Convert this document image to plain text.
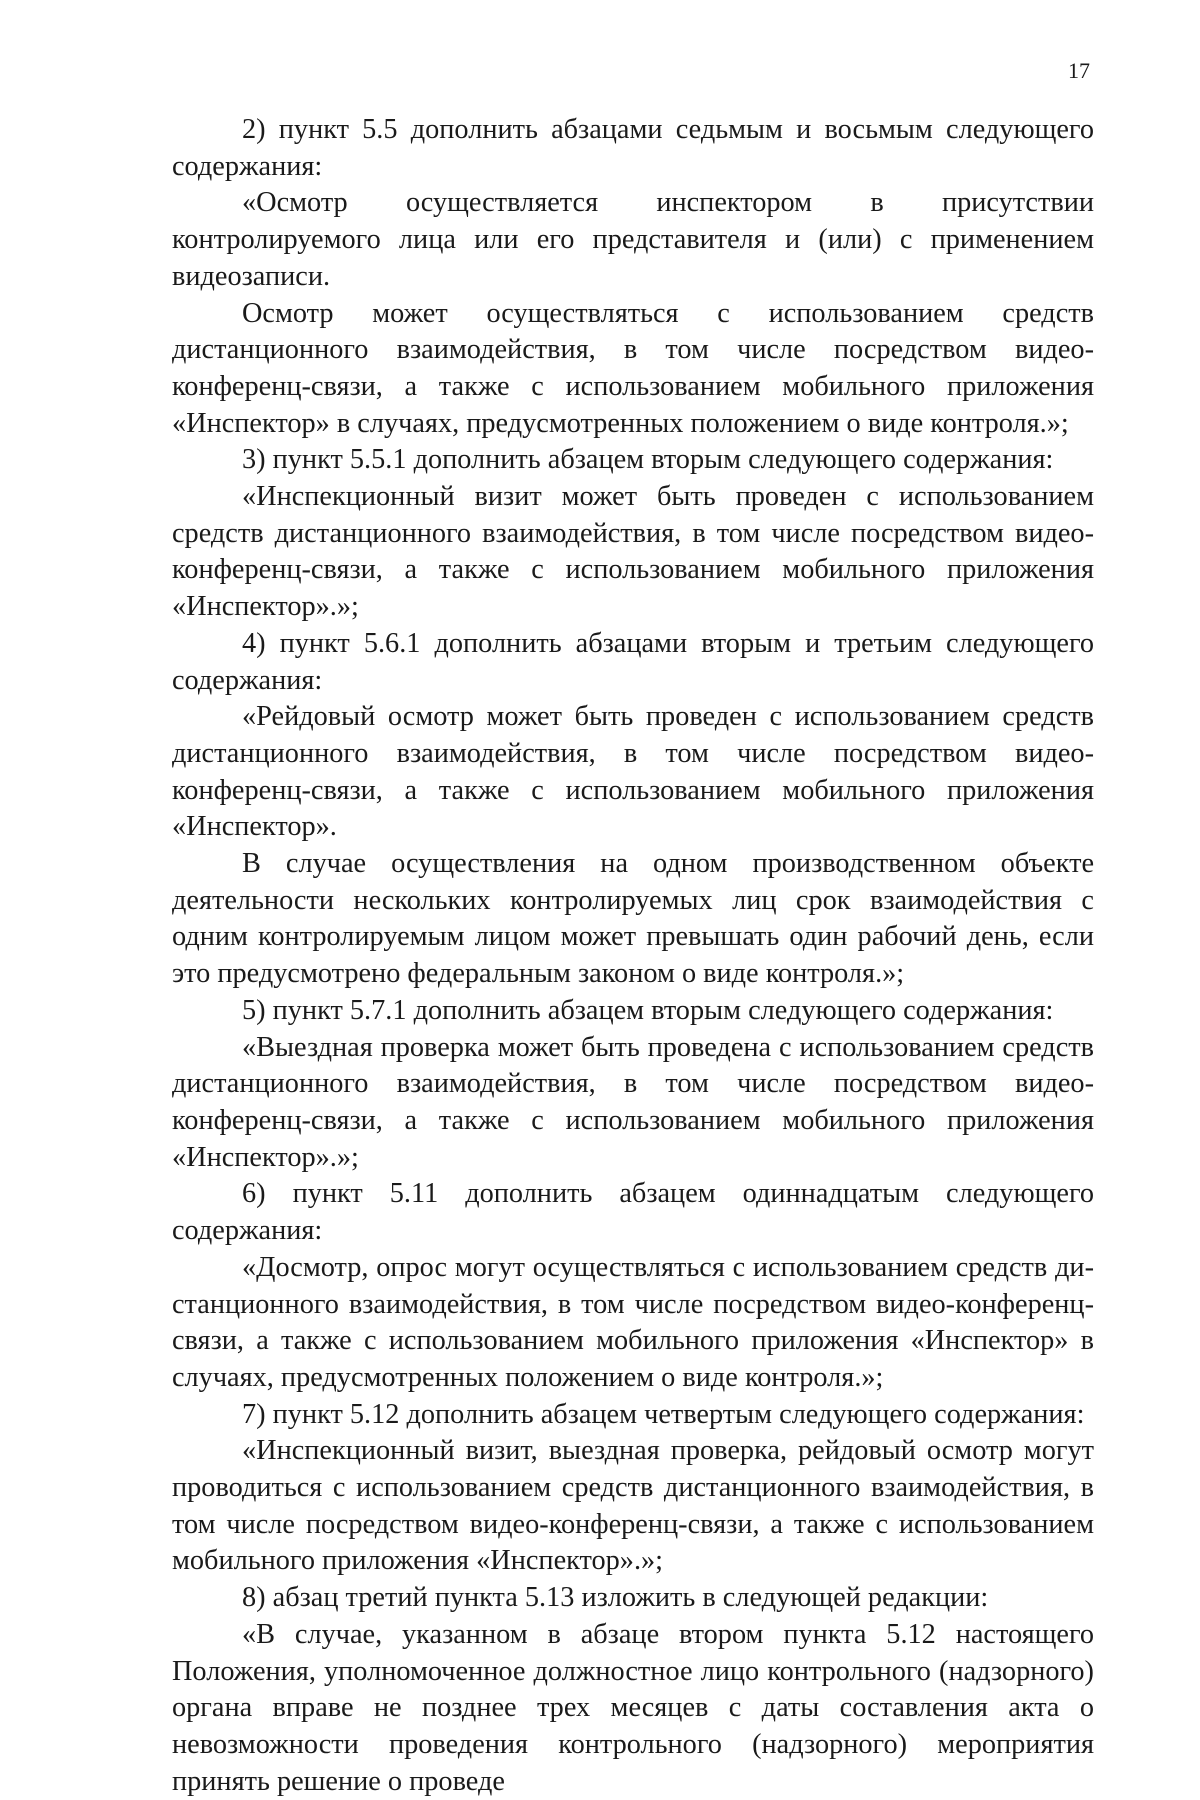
17

2) пункт 5.5 дополнить абзацами седьмым и восьмым следующего содержания:

«Осмотр осуществляется инспектором в присутствии контролируемого лица или его представителя и (или) с применением видеозаписи.

Осмотр может осуществляться с использованием средств дистанционного взаимодействия, в том числе посредством видео-конференц-связи, а также с использованием мобильного приложения «Инспектор» в случаях, предусмотренных положением о виде контроля.»;

3) пункт 5.5.1 дополнить абзацем вторым следующего содержания:

«Инспекционный визит может быть проведен с использованием средств дистанционного взаимодействия, в том числе посредством видео-конференц-связи, а также с использованием мобильного приложения «Инспектор».»;

4) пункт 5.6.1 дополнить абзацами вторым и третьим следующего содержания:

«Рейдовый осмотр может быть проведен с использованием средств дистанционного взаимодействия, в том числе посредством видео-конференц-связи, а также с использованием мобильного приложения «Инспектор».

В случае осуществления на одном производственном объекте деятельности нескольких контролируемых лиц срок взаимодействия с одним контролируемым лицом может превышать один рабочий день, если это предусмотрено федеральным законом о виде контроля.»;

5) пункт 5.7.1 дополнить абзацем вторым следующего содержания:

«Выездная проверка может быть проведена с использованием средств дистанционного взаимодействия, в том числе посредством видео-конференц-связи, а также с использованием мобильного приложения «Инспектор».»;

6) пункт 5.11 дополнить абзацем одиннадцатым следующего содержания:

«Досмотр, опрос могут осуществляться с использованием средств дистанционного взаимодействия, в том числе посредством видео-конференц-связи, а также с использованием мобильного приложения «Инспектор» в случаях, предусмотренных положением о виде контроля.»;

7) пункт 5.12 дополнить абзацем четвертым следующего содержания:

«Инспекционный визит, выездная проверка, рейдовый осмотр могут проводиться с использованием средств дистанционного взаимодействия, в том числе посредством видео-конференц-связи, а также с использованием мобильного приложения «Инспектор».»;

8) абзац третий пункта 5.13 изложить в следующей редакции:

«В случае, указанном в абзаце втором пункта 5.12 настоящего Положения, уполномоченное должностное лицо контрольного (надзорного) органа вправе не позднее трех месяцев с даты составления акта о невозможности проведения контрольного (надзорного) мероприятия принять решение о проведе
